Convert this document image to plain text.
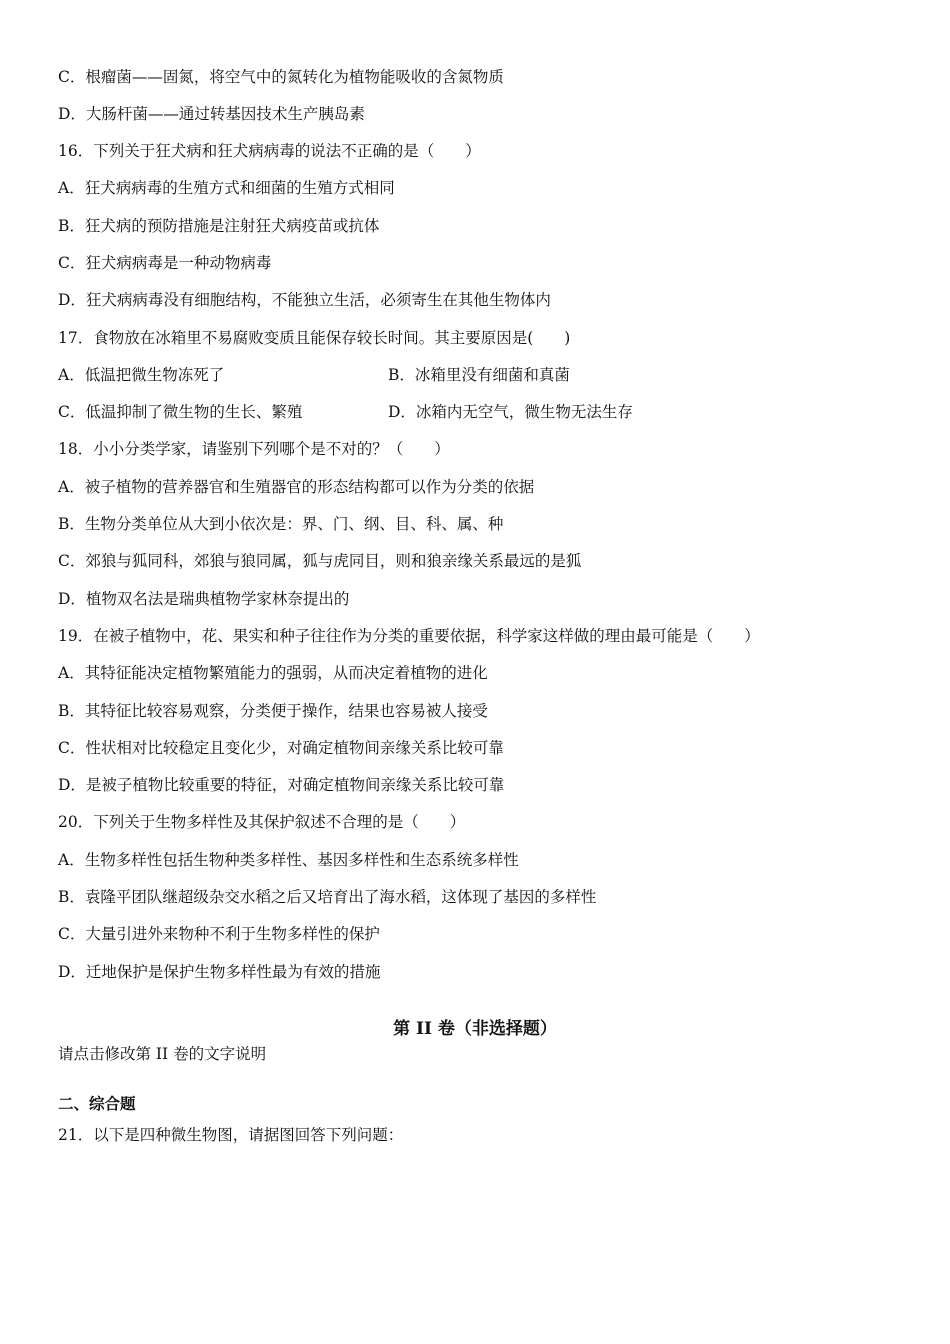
C．根瘤菌——固氮，将空气中的氮转化为植物能吸收的含氮物质
D．大肠杆菌——通过转基因技术生产胰岛素
16．下列关于狂犬病和狂犬病病毒的说法不正确的是（　　）
A．狂犬病病毒的生殖方式和细菌的生殖方式相同
B．狂犬病的预防措施是注射狂犬病疫苗或抗体
C．狂犬病病毒是一种动物病毒
D．狂犬病病毒没有细胞结构，不能独立生活，必须寄生在其他生物体内
17．食物放在冰箱里不易腐败变质且能保存较长时间。其主要原因是(　　)
A．低温把微生物冻死了	B．冰箱里没有细菌和真菌
C．低温抑制了微生物的生长、繁殖	D．冰箱内无空气，微生物无法生存
18．小小分类学家，请鉴别下列哪个是不对的？（　　）
A．被子植物的营养器官和生殖器官的形态结构都可以作为分类的依据
B．生物分类单位从大到小依次是：界、门、纲、目、科、属、种
C．郊狼与狐同科，郊狼与狼同属，狐与虎同目，则和狼亲缘关系最远的是狐
D．植物双名法是瑞典植物学家林奈提出的
19．在被子植物中，花、果实和种子往往作为分类的重要依据，科学家这样做的理由最可能是（　　）
A．其特征能决定植物繁殖能力的强弱，从而决定着植物的进化
B．其特征比较容易观察，分类便于操作，结果也容易被人接受
C．性状相对比较稳定且变化少，对确定植物间亲缘关系比较可靠
D．是被子植物比较重要的特征，对确定植物间亲缘关系比较可靠
20．下列关于生物多样性及其保护叙述不合理的是（　　）
A．生物多样性包括生物种类多样性、基因多样性和生态系统多样性
B．袁隆平团队继超级杂交水稻之后又培育出了海水稻，这体现了基因的多样性
C．大量引进外来物种不利于生物多样性的保护
D．迁地保护是保护生物多样性最为有效的措施
第 II 卷（非选择题）
请点击修改第 II 卷的文字说明
二、综合题
21．以下是四种微生物图，请据图回答下列问题：
